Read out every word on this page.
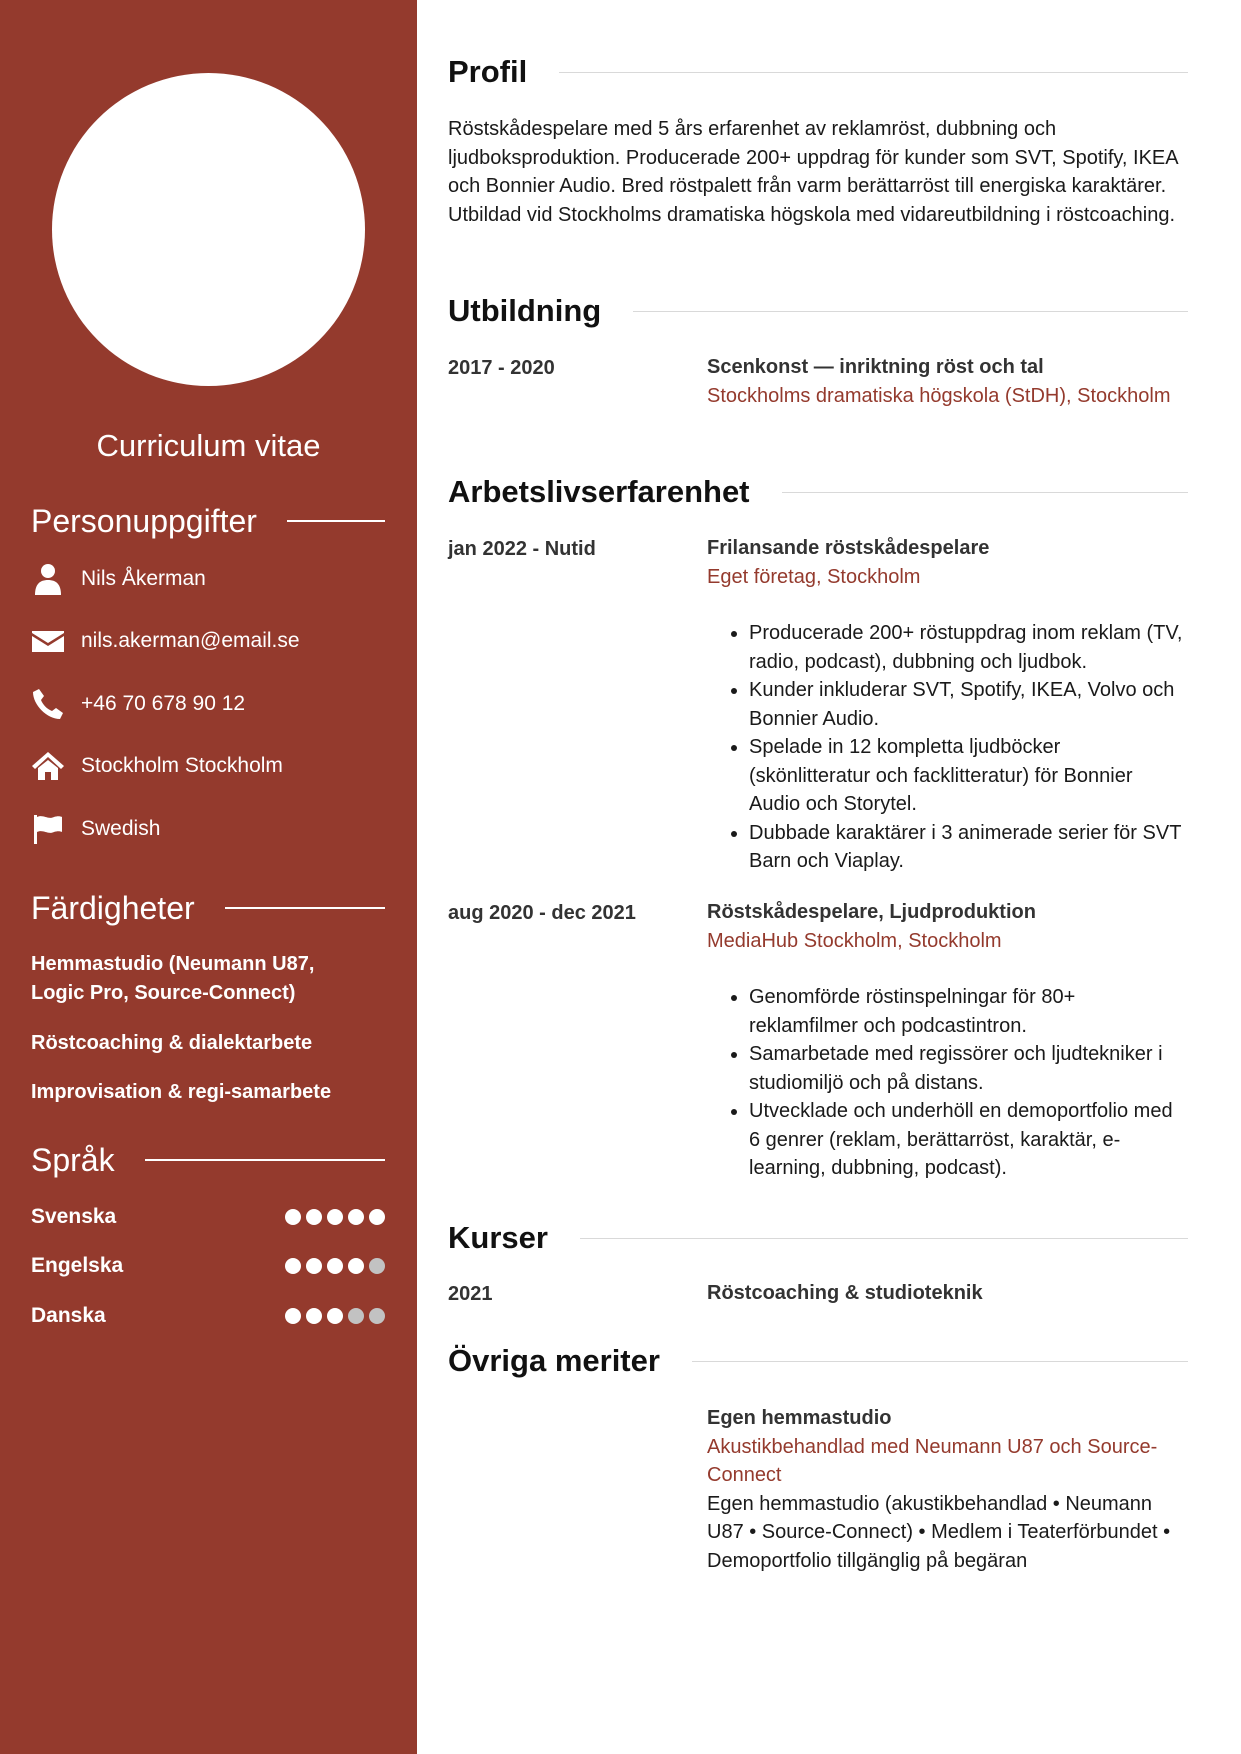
Curriculum vitae
Personuppgifter
Nils Åkerman
nils.akerman@email.se
+46 70 678 90 12
Stockholm Stockholm
Swedish
Färdigheter
Hemmastudio (Neumann U87, Logic Pro, Source-Connect)
Röstcoaching & dialektarbete
Improvisation & regi-samarbete
Språk
Svenska
Engelska
Danska
Profil
Röstskådespelare med 5 års erfarenhet av reklamröst, dubbning och ljudboksproduktion. Producerade 200+ uppdrag för kunder som SVT, Spotify, IKEA och Bonnier Audio. Bred röstpalett från varm berättarröst till energiska karaktärer. Utbildad vid Stockholms dramatiska högskola med vidareutbildning i röstcoaching.
Utbildning
2017 - 2020	Scenkonst — inriktning röst och tal
Stockholms dramatiska högskola (StDH), Stockholm
Arbetslivserfarenhet
jan 2022 - Nutid	Frilansande röstskådespelare
Eget företag, Stockholm
• Producerade 200+ röstuppdrag inom reklam (TV, radio, podcast), dubbning och ljudbok.
• Kunder inkluderar SVT, Spotify, IKEA, Volvo och Bonnier Audio.
• Spelade in 12 kompletta ljudböcker (skönlitteratur och facklitteratur) för Bonnier Audio och Storytel.
• Dubbade karaktärer i 3 animerade serier för SVT Barn och Viaplay.
aug 2020 - dec 2021	Röstskådespelare, Ljudproduktion
MediaHub Stockholm, Stockholm
• Genomförde röstinspelningar för 80+ reklamfilmer och podcastintron.
• Samarbetade med regissörer och ljudtekniker i studiomiljö och på distans.
• Utvecklade och underhöll en demoportfolio med 6 genrer (reklam, berättarröst, karaktär, e-learning, dubbning, podcast).
Kurser
2021	Röstcoaching & studioteknik
Övriga meriter
Egen hemmastudio
Akustikbehandlad med Neumann U87 och Source-Connect
Egen hemmastudio (akustikbehandlad • Neumann U87 • Source-Connect) • Medlem i Teaterförbundet • Demoportfolio tillgänglig på begäran
